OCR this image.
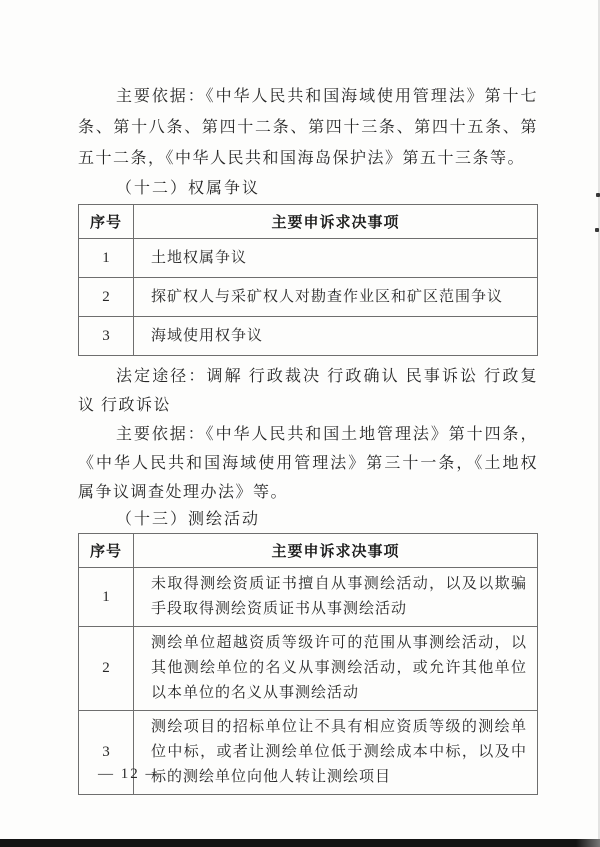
主要依据：《中华人民共和国海域使用管理法》第十七条、第十八条、第四十二条、第四十三条、第四十五条、第五十二条，《中华人民共和国海岛保护法》第五十三条等。

（十二）权属争议
序号	主要申诉求决事项
1	土地权属争议
2	探矿权人与采矿权人对勘查作业区和矿区范围争议
3	海域使用权争议

法定途径：调解 行政裁决 行政确认 民事诉讼 行政复议 行政诉讼

主要依据：《中华人民共和国土地管理法》第十四条，《中华人民共和国海域使用管理法》第三十一条，《土地权属争议调查处理办法》等。

（十三）测绘活动
序号	主要申诉求决事项
1	未取得测绘资质证书擅自从事测绘活动，以及以欺骗手段取得测绘资质证书从事测绘活动
2	测绘单位超越资质等级许可的范围从事测绘活动，以其他测绘单位的名义从事测绘活动，或允许其他单位以本单位的名义从事测绘活动
3	测绘项目的招标单位让不具有相应资质等级的测绘单位中标，或者让测绘单位低于测绘成本中标，以及中标的测绘单位向他人转让测绘项目
— 12 —
